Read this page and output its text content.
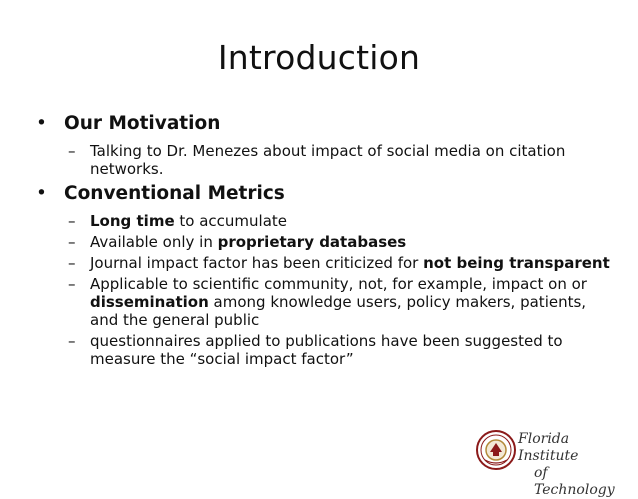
Introduction
• Our Motivation
– Talking to Dr. Menezes about impact of social media on citation networks.
• Conventional Metrics
– Long time to accumulate
– Available only in proprietary databases
– Journal impact factor has been criticized for not being transparent
– Applicable to scientific community, not, for example, impact on or dissemination among knowledge users, policy makers, patients, and the general public
– questionnaires applied to publications have been suggested to measure the “social impact factor”
Florida Institute
of Technology
